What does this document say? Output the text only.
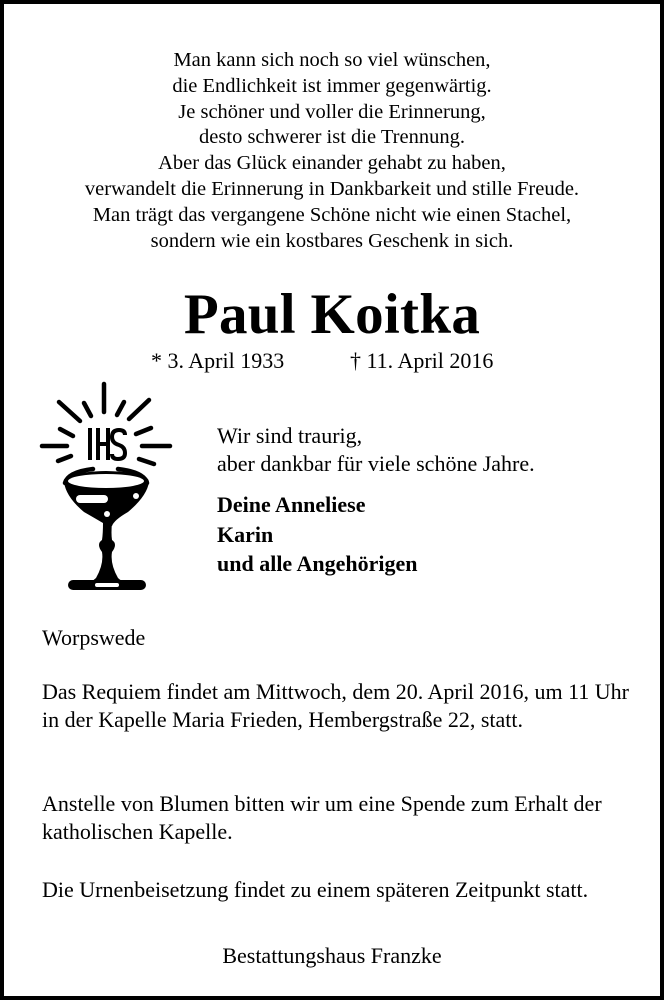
Man kann sich noch so viel wünschen,
die Endlichkeit ist immer gegenwärtig.
Je schöner und voller die Erinnerung,
desto schwerer ist die Trennung.
Aber das Glück einander gehabt zu haben,
verwandelt die Erinnerung in Dankbarkeit und stille Freude.
Man trägt das vergangene Schöne nicht wie einen Stachel,
sondern wie ein kostbares Geschenk in sich.
Paul Koitka
* 3. April 1933	† 11. April 2016
Wir sind traurig,
aber dankbar für viele schöne Jahre.
Deine Anneliese
Karin
und alle Angehörigen
Worpswede
Das Requiem findet am Mittwoch, dem 20. April 2016, um 11 Uhr in der Kapelle Maria Frieden, Hembergstraße 22, statt.
Anstelle von Blumen bitten wir um eine Spende zum Erhalt der katholischen Kapelle.
Die Urnenbeisetzung findet zu einem späteren Zeitpunkt statt.
Bestattungshaus Franzke
